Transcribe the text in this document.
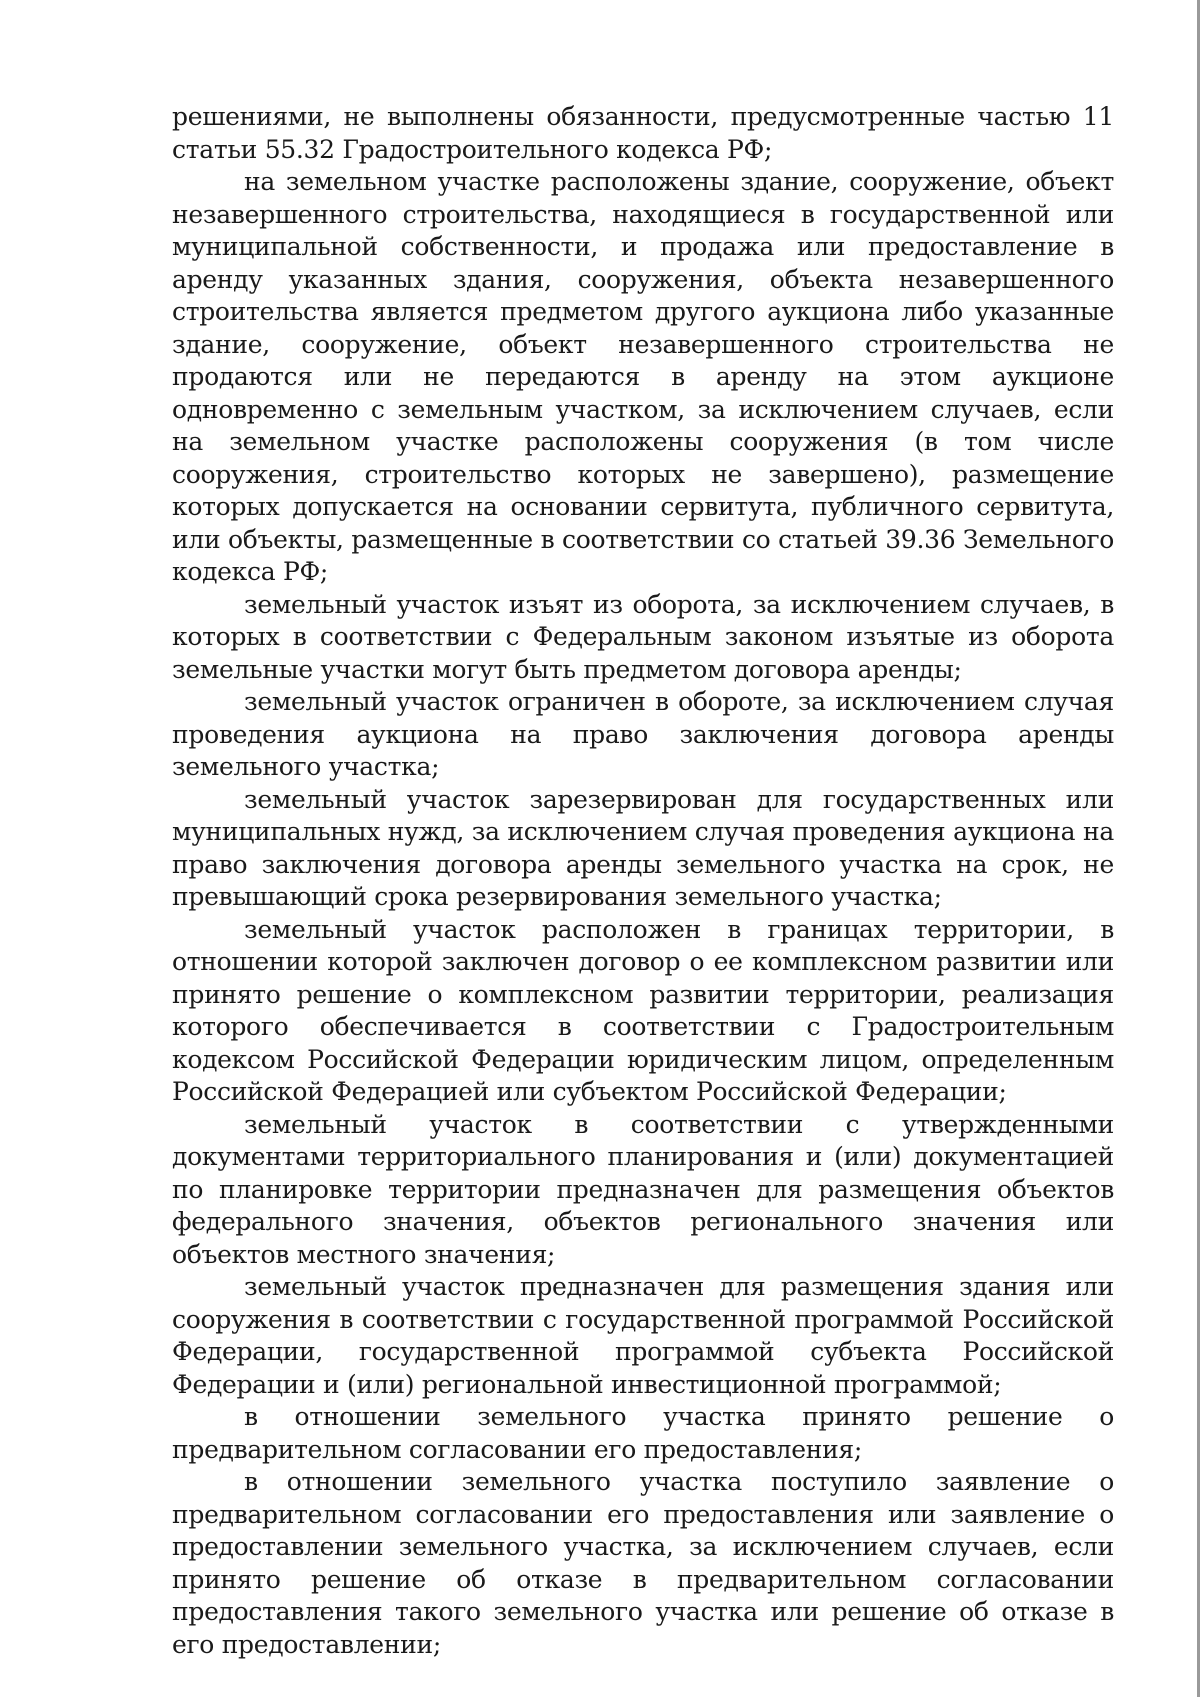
решениями, не выполнены обязанности, предусмотренные частью 11 статьи 55.32 Градостроительного кодекса РФ;

на земельном участке расположены здание, сооружение, объект незавершенного строительства, находящиеся в государственной или муниципальной собственности, и продажа или предоставление в аренду указанных здания, сооружения, объекта незавершенного строительства является предметом другого аукциона либо указанные здание, сооружение, объект незавершенного строительства не продаются или не передаются в аренду на этом аукционе одновременно с земельным участком, за исключением случаев, если на земельном участке расположены сооружения (в том числе сооружения, строительство которых не завершено), размещение которых допускается на основании сервитута, публичного сервитута, или объекты, размещенные в соответствии со статьей 39.36 Земельного кодекса РФ;

земельный участок изъят из оборота, за исключением случаев, в которых в соответствии с Федеральным законом изъятые из оборота земельные участки могут быть предметом договора аренды;

земельный участок ограничен в обороте, за исключением случая проведения аукциона на право заключения договора аренды земельного участка;

земельный участок зарезервирован для государственных или муниципальных нужд, за исключением случая проведения аукциона на право заключения договора аренды земельного участка на срок, не превышающий срока резервирования земельного участка;

земельный участок расположен в границах территории, в отношении которой заключен договор о ее комплексном развитии или принято решение о комплексном развитии территории, реализация которого обеспечивается в соответствии с Градостроительным кодексом Российской Федерации юридическим лицом, определенным Российской Федерацией или субъектом Российской Федерации;

земельный участок в соответствии с утвержденными документами территориального планирования и (или) документацией по планировке территории предназначен для размещения объектов федерального значения, объектов регионального значения или объектов местного значения;

земельный участок предназначен для размещения здания или сооружения в соответствии с государственной программой Российской Федерации, государственной программой субъекта Российской Федерации и (или) региональной инвестиционной программой;

в отношении земельного участка принято решение о предварительном согласовании его предоставления;

в отношении земельного участка поступило заявление о предварительном согласовании его предоставления или заявление о предоставлении земельного участка, за исключением случаев, если принято решение об отказе в предварительном согласовании предоставления такого земельного участка или решение об отказе в его предоставлении;
